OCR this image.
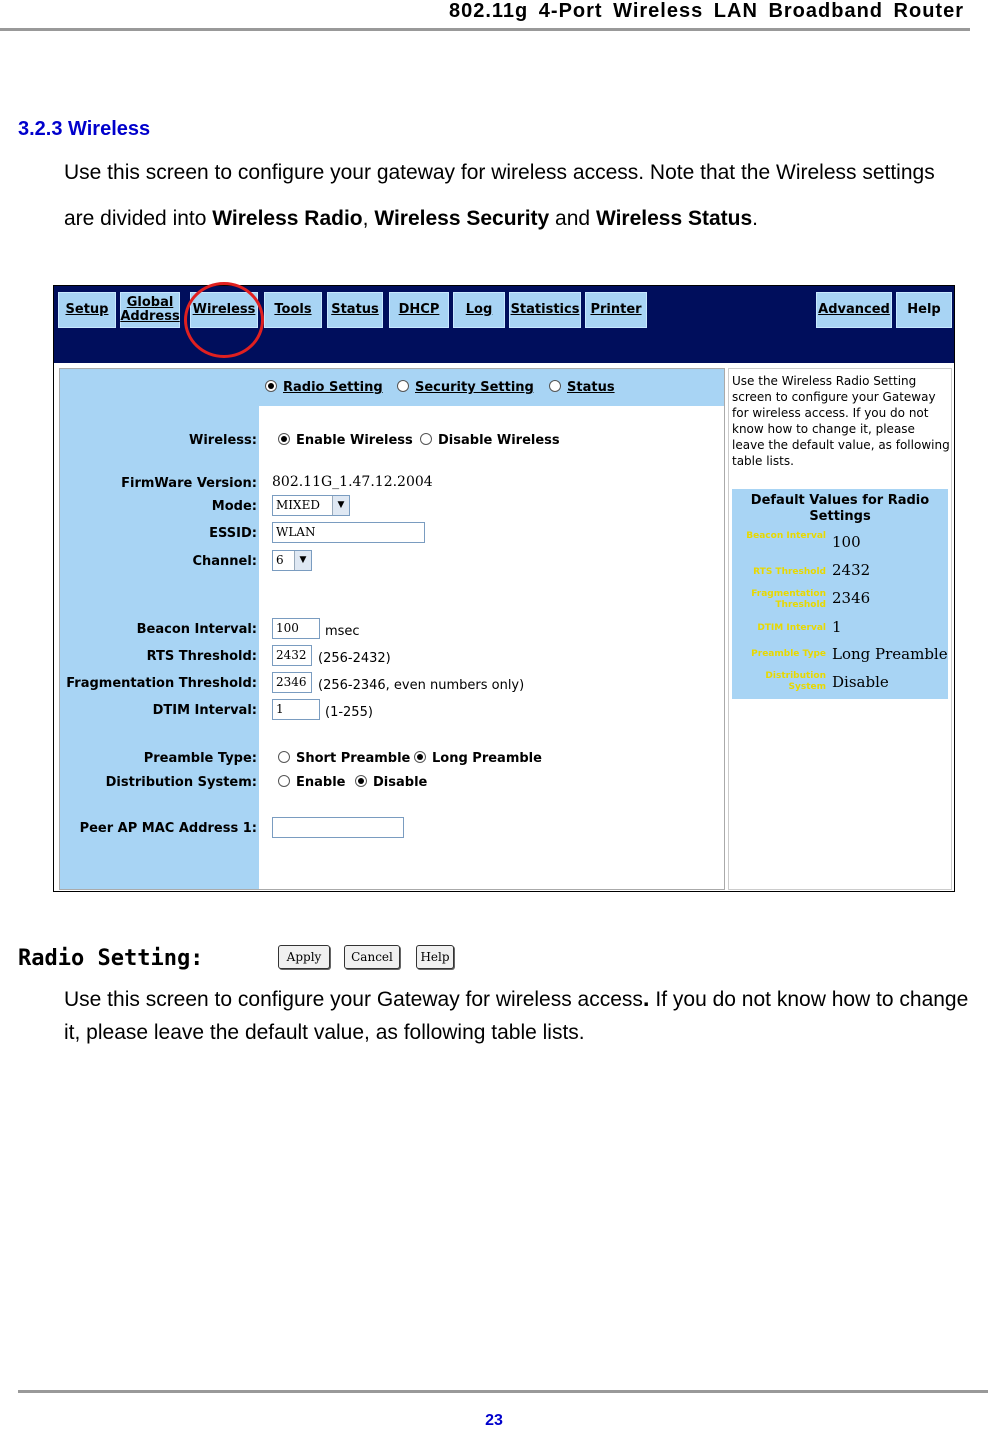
802.11g 4-Port Wireless LAN Broadband Router
3.2.3 Wireless
Use this screen to configure your gateway for wireless access. Note that the Wireless settings are divided into Wireless Radio, Wireless Security and Wireless Status.
Setup	Global Address Wireless	Tools	Status	DHCP	Log	Statistics Printer	Advanced	Help
Radio Setting	Security Setting	Status
Wireless:	Enable Wireless	Disable Wireless
FirmWare Version: 802.11G_1.47.12.2004
Mode:	MIXED	▼
ESSID:	WLAN
Channel:	6	▼
Beacon Interval:	100	msec
RTS Threshold:	2432 (256-2432)
Fragmentation Threshold:	2346 (256-2346, even numbers only)
DTIM Interval:	1	(1-255)
Preamble Type:	Short Preamble	Long Preamble
Distribution System:	Enable	Disable
Peer AP MAC Address 1:
Apply	Cancel	Help
Use the Wireless Radio Setting screen to configure your Gateway for wireless access. If you do not know how to change it, please leave the default value, as following table lists.
Default Values for Radio Settings
Beacon Interval 100
RTS Threshold 2432
Fragmentation Threshold 2346
DTIM Interval 1
Preamble Type Long Preamble
Distribution System Disable
Radio Setting:
Use this screen to configure your Gateway for wireless access. If you do not know how to change it, please leave the default value, as following table lists.
23
